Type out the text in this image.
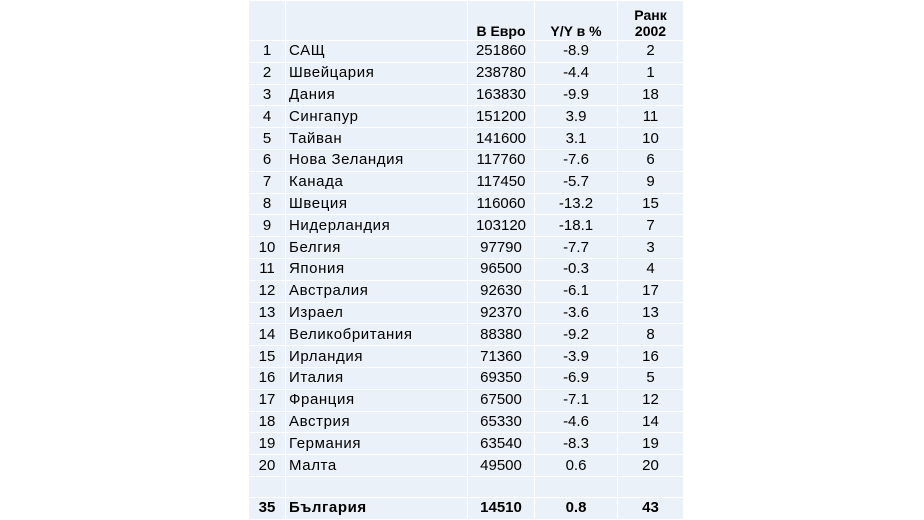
		В Евро	Y/Y в %	Ранк
2002

1	САЩ	251860	-8.9	2
2	Швейцария	238780	-4.4	1
3	Дания	163830	-9.9	18
4	Сингапур	151200	3.9	11
5	Тайван	141600	3.1	10
6	Нова Зеландия	117760	-7.6	6
7	Канада	117450	-5.7	9
8	Швеция	116060	-13.2	15
9	Нидерландия	103120	-18.1	7
10	Белгия	97790	-7.7	3
11	Япония	96500	-0.3	4
12	Австралия	92630	-6.1	17
13	Израел	92370	-3.6	13
14	Великобритания	88380	-9.2	8
15	Ирландия	71360	-3.9	16
16	Италия	69350	-6.9	5
17	Франция	67500	-7.1	12
18	Австрия	65330	-4.6	14
19	Германия	63540	-8.3	19
20	Малта	49500	0.6	20

35	България	14510	0.8	43
